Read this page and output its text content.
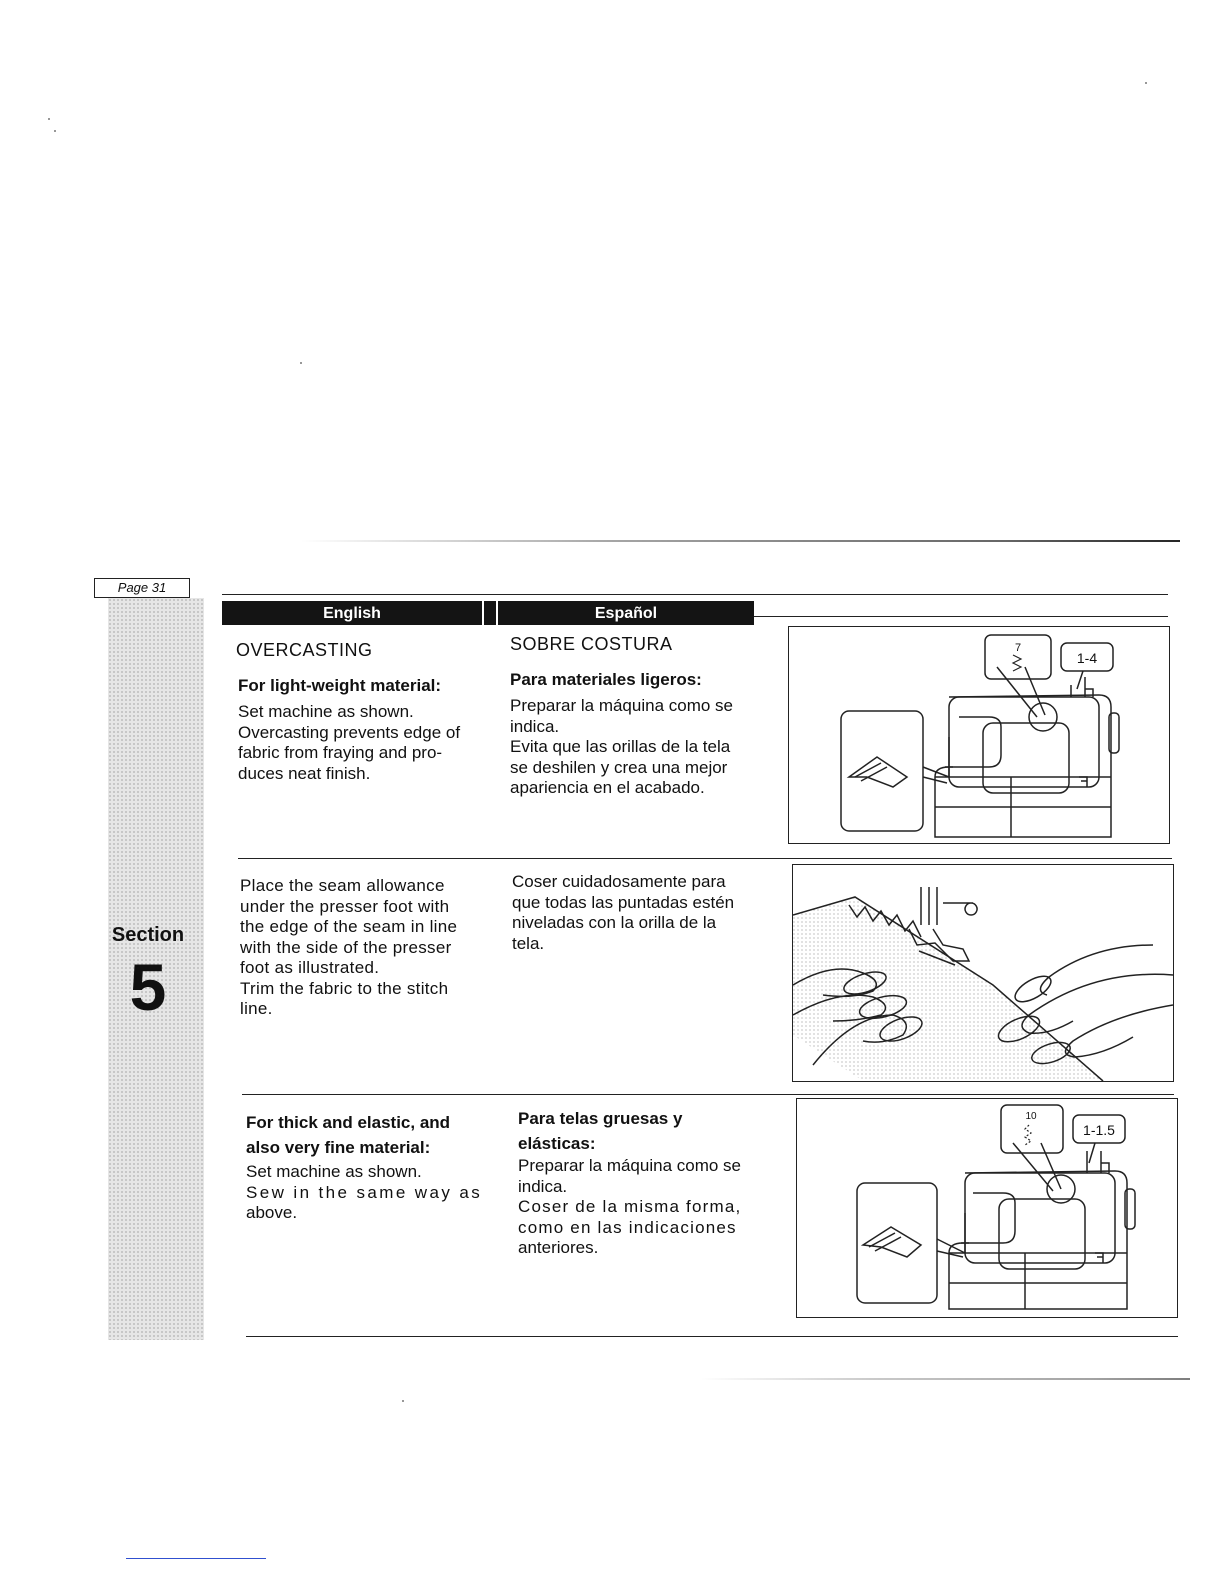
Page 31
Section
5
English	Español
OVERCASTING
For light-weight material:
Set machine as shown.
Overcasting prevents edge of
fabric from fraying and pro-
duces neat finish.
SOBRE COSTURA
Para materiales ligeros:
Preparar la máquina como se
indica.
Evita que las orillas de la tela
se deshilen y crea una mejor
apariencia en el acabado.
7
1-4
Place the seam allowance
under the presser foot with
the edge of the seam in line
with the side of the presser
foot as illustrated.
Trim the fabric to the stitch
line.
Coser cuidadosamente para
que todas las puntadas estén
niveladas con la orilla de la
tela.
For thick and elastic, and
also very fine material:
Set machine as shown.
Sew in the same way as
above.
Para telas gruesas y
elásticas:
Preparar la máquina como se
indica.
Coser de la misma forma,
como en las indicaciones
anteriores.
10
1-1.5
